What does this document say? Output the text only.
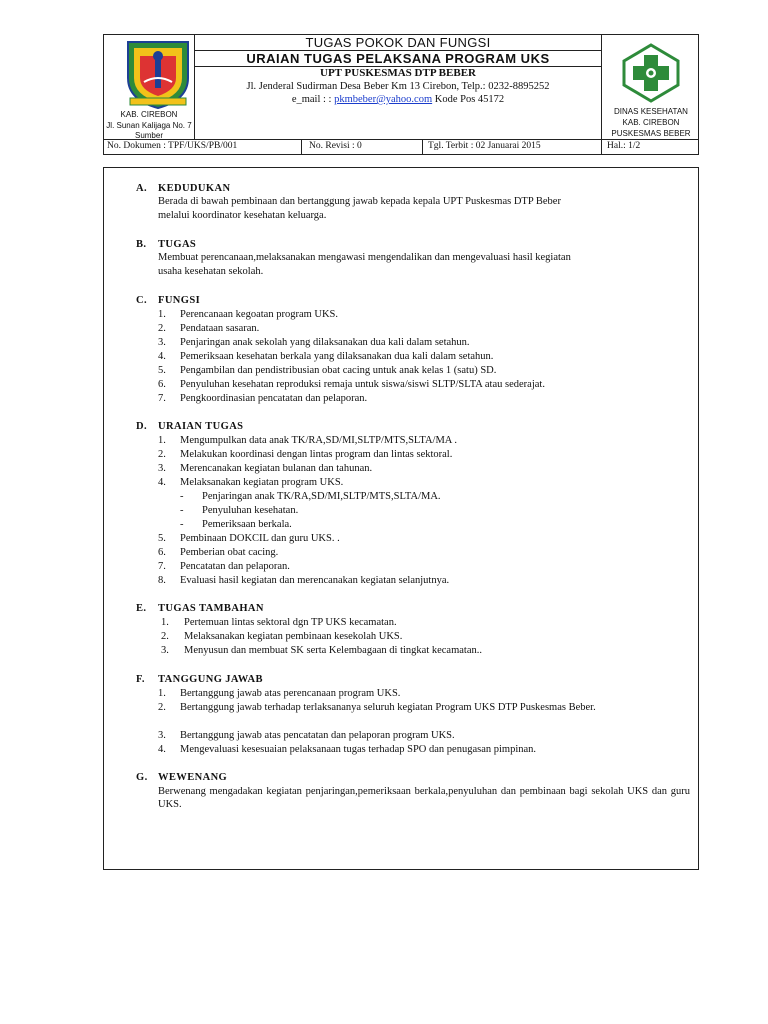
KAB. CIREBON
Jl. Sunan Kalijaga No. 7
Sumber
TUGAS POKOK DAN FUNGSI
URAIAN TUGAS PELAKSANA PROGRAM UKS
UPT PUSKESMAS DTP BEBER
Jl. Jenderal Sudirman Desa Beber Km 13 Cirebon, Telp.: 0232-8895252
e_mail : : pkmbeber@yahoo.com Kode Pos 45172
DINAS KESEHATAN
KAB. CIREBON
PUSKESMAS BEBER
No. Dokumen : TPF/UKS/PB/001	No. Revisi : 0	Tgl. Terbit : 02 Januarai 2015	Hal.: 1/2
A. KEDUDUKAN
Berada di bawah pembinaan dan bertanggung jawab kepada kepala UPT Puskesmas DTP Beber
melalui koordinator kesehatan keluarga.
B. TUGAS
Membuat perencanaan,melaksanakan mengawasi mengendalikan dan mengevaluasi hasil kegiatan
usaha kesehatan sekolah.
C. FUNGSI
1. Perencanaan kegoatan program UKS.
2. Pendataan sasaran.
3. Penjaringan anak sekolah yang dilaksanakan dua kali dalam setahun.
4. Pemeriksaan kesehatan berkala yang dilaksanakan dua kali dalam setahun.
5. Pengambilan dan pendistribusian obat cacing untuk anak kelas 1 (satu) SD.
6. Penyuluhan kesehatan reproduksi remaja untuk siswa/siswi SLTP/SLTA atau sederajat.
7. Pengkoordinasian pencatatan dan pelaporan.
D. URAIAN TUGAS
1. Mengumpulkan data anak TK/RA,SD/MI,SLTP/MTS,SLTA/MA .
2. Melakukan koordinasi dengan lintas program dan lintas sektoral.
3. Merencanakan kegiatan bulanan dan tahunan.
4. Melaksanakan kegiatan program UKS.
- Penjaringan anak TK/RA,SD/MI,SLTP/MTS,SLTA/MA.
- Penyuluhan kesehatan.
- Pemeriksaan berkala.
5. Pembinaan DOKCIL dan guru UKS. .
6. Pemberian obat cacing.
7. Pencatatan dan pelaporan.
8. Evaluasi hasil kegiatan dan merencanakan kegiatan selanjutnya.
E. TUGAS TAMBAHAN
1. Pertemuan lintas sektoral dgn TP UKS kecamatan.
2. Melaksanakan kegiatan pembinaan kesekolah UKS.
3. Menyusun dan membuat SK serta Kelembagaan di tingkat kecamatan..
F. TANGGUNG JAWAB
1. Bertanggung jawab atas perencanaan program UKS.
2. Bertanggung jawab terhadap terlaksananya seluruh kegiatan Program UKS DTP Puskesmas Beber.
3. Bertanggung jawab atas pencatatan dan pelaporan program UKS.
4. Mengevaluasi kesesuaian pelaksanaan tugas terhadap SPO dan penugasan pimpinan.
G. WEWENANG
Berwenang mengadakan kegiatan penjaringan,pemeriksaan berkala,penyuluhan dan pembinaan bagi sekolah UKS dan guru UKS.
